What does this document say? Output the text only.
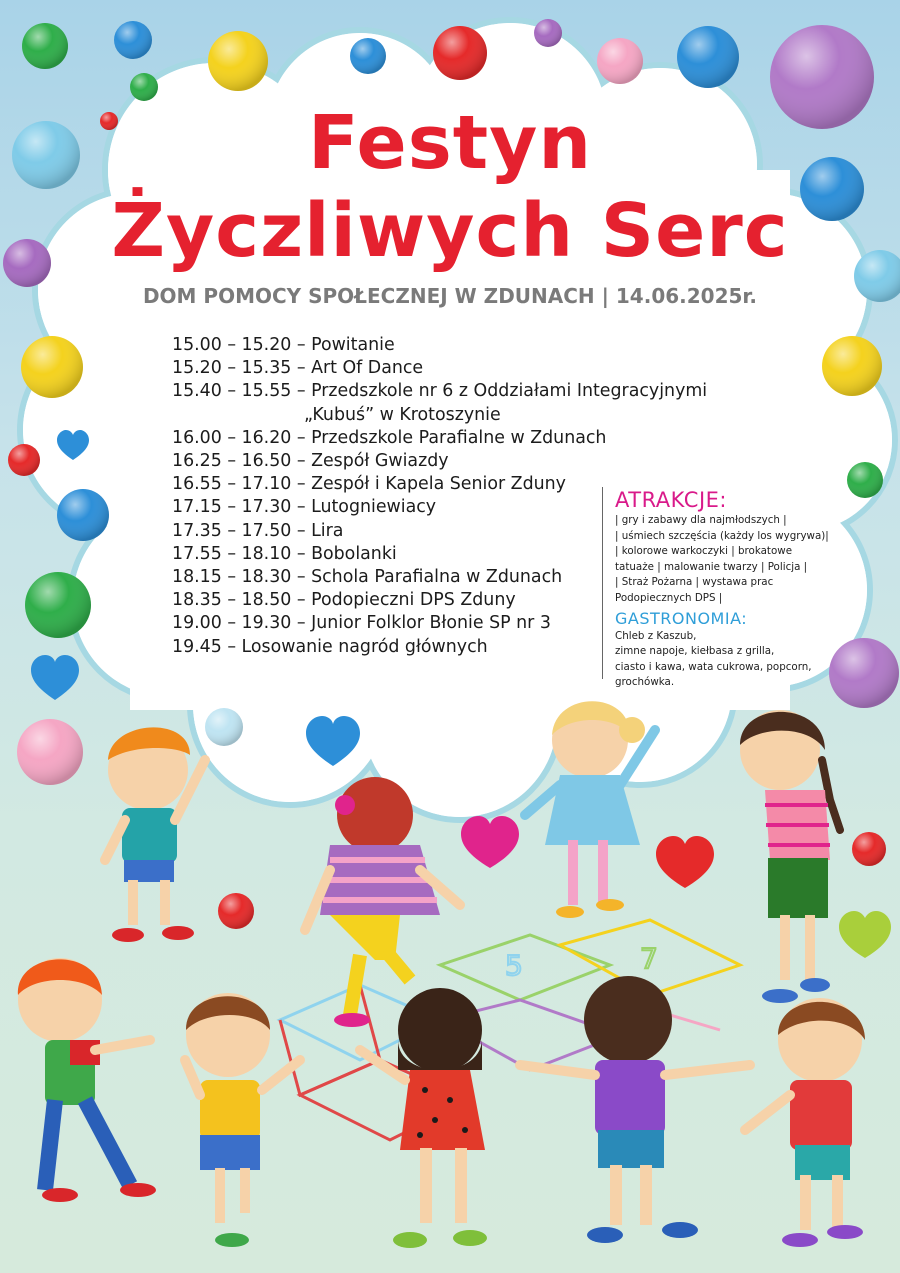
5	7
Festyn
Życzliwych Serc
DOM POMOCY SPOŁECZNEJ W ZDUNACH | 14.06.2025r.
15.00 – 15.20 – Powitanie
15.20 – 15.35 – Art Of Dance
15.40 – 15.55 – Przedszkole nr 6 z Oddziałami Integracyjnymi
„Kubuś” w Krotoszynie
16.00 – 16.20 – Przedszkole Parafialne w Zdunach
16.25 – 16.50 – Zespół Gwiazdy
16.55 – 17.10 – Zespół i Kapela Senior Zduny
17.15 – 17.30 – Lutogniewiacy
17.35 – 17.50 – Lira
17.55 – 18.10 – Bobolanki
18.15 – 18.30 – Schola Parafialna w Zdunach
18.35 – 18.50 – Podopieczni DPS Zduny
19.00 – 19.30 – Junior Folklor Błonie SP nr 3
19.45 – Losowanie nagród głównych
ATRAKCJE:

| gry i zabawy dla najmłodszych |

| uśmiech szczęścia (każdy los wygrywa)|

| kolorowe warkoczyki | brokatowe

tatuaże | malowanie twarzy | Policja |

| Straż Pożarna | wystawa prac

Podopiecznych DPS |

GASTRONOMIA:

Chleb z Kaszub,

zimne napoje, kiełbasa z grilla,

ciasto i kawa, wata cukrowa, popcorn,

grochówka.
